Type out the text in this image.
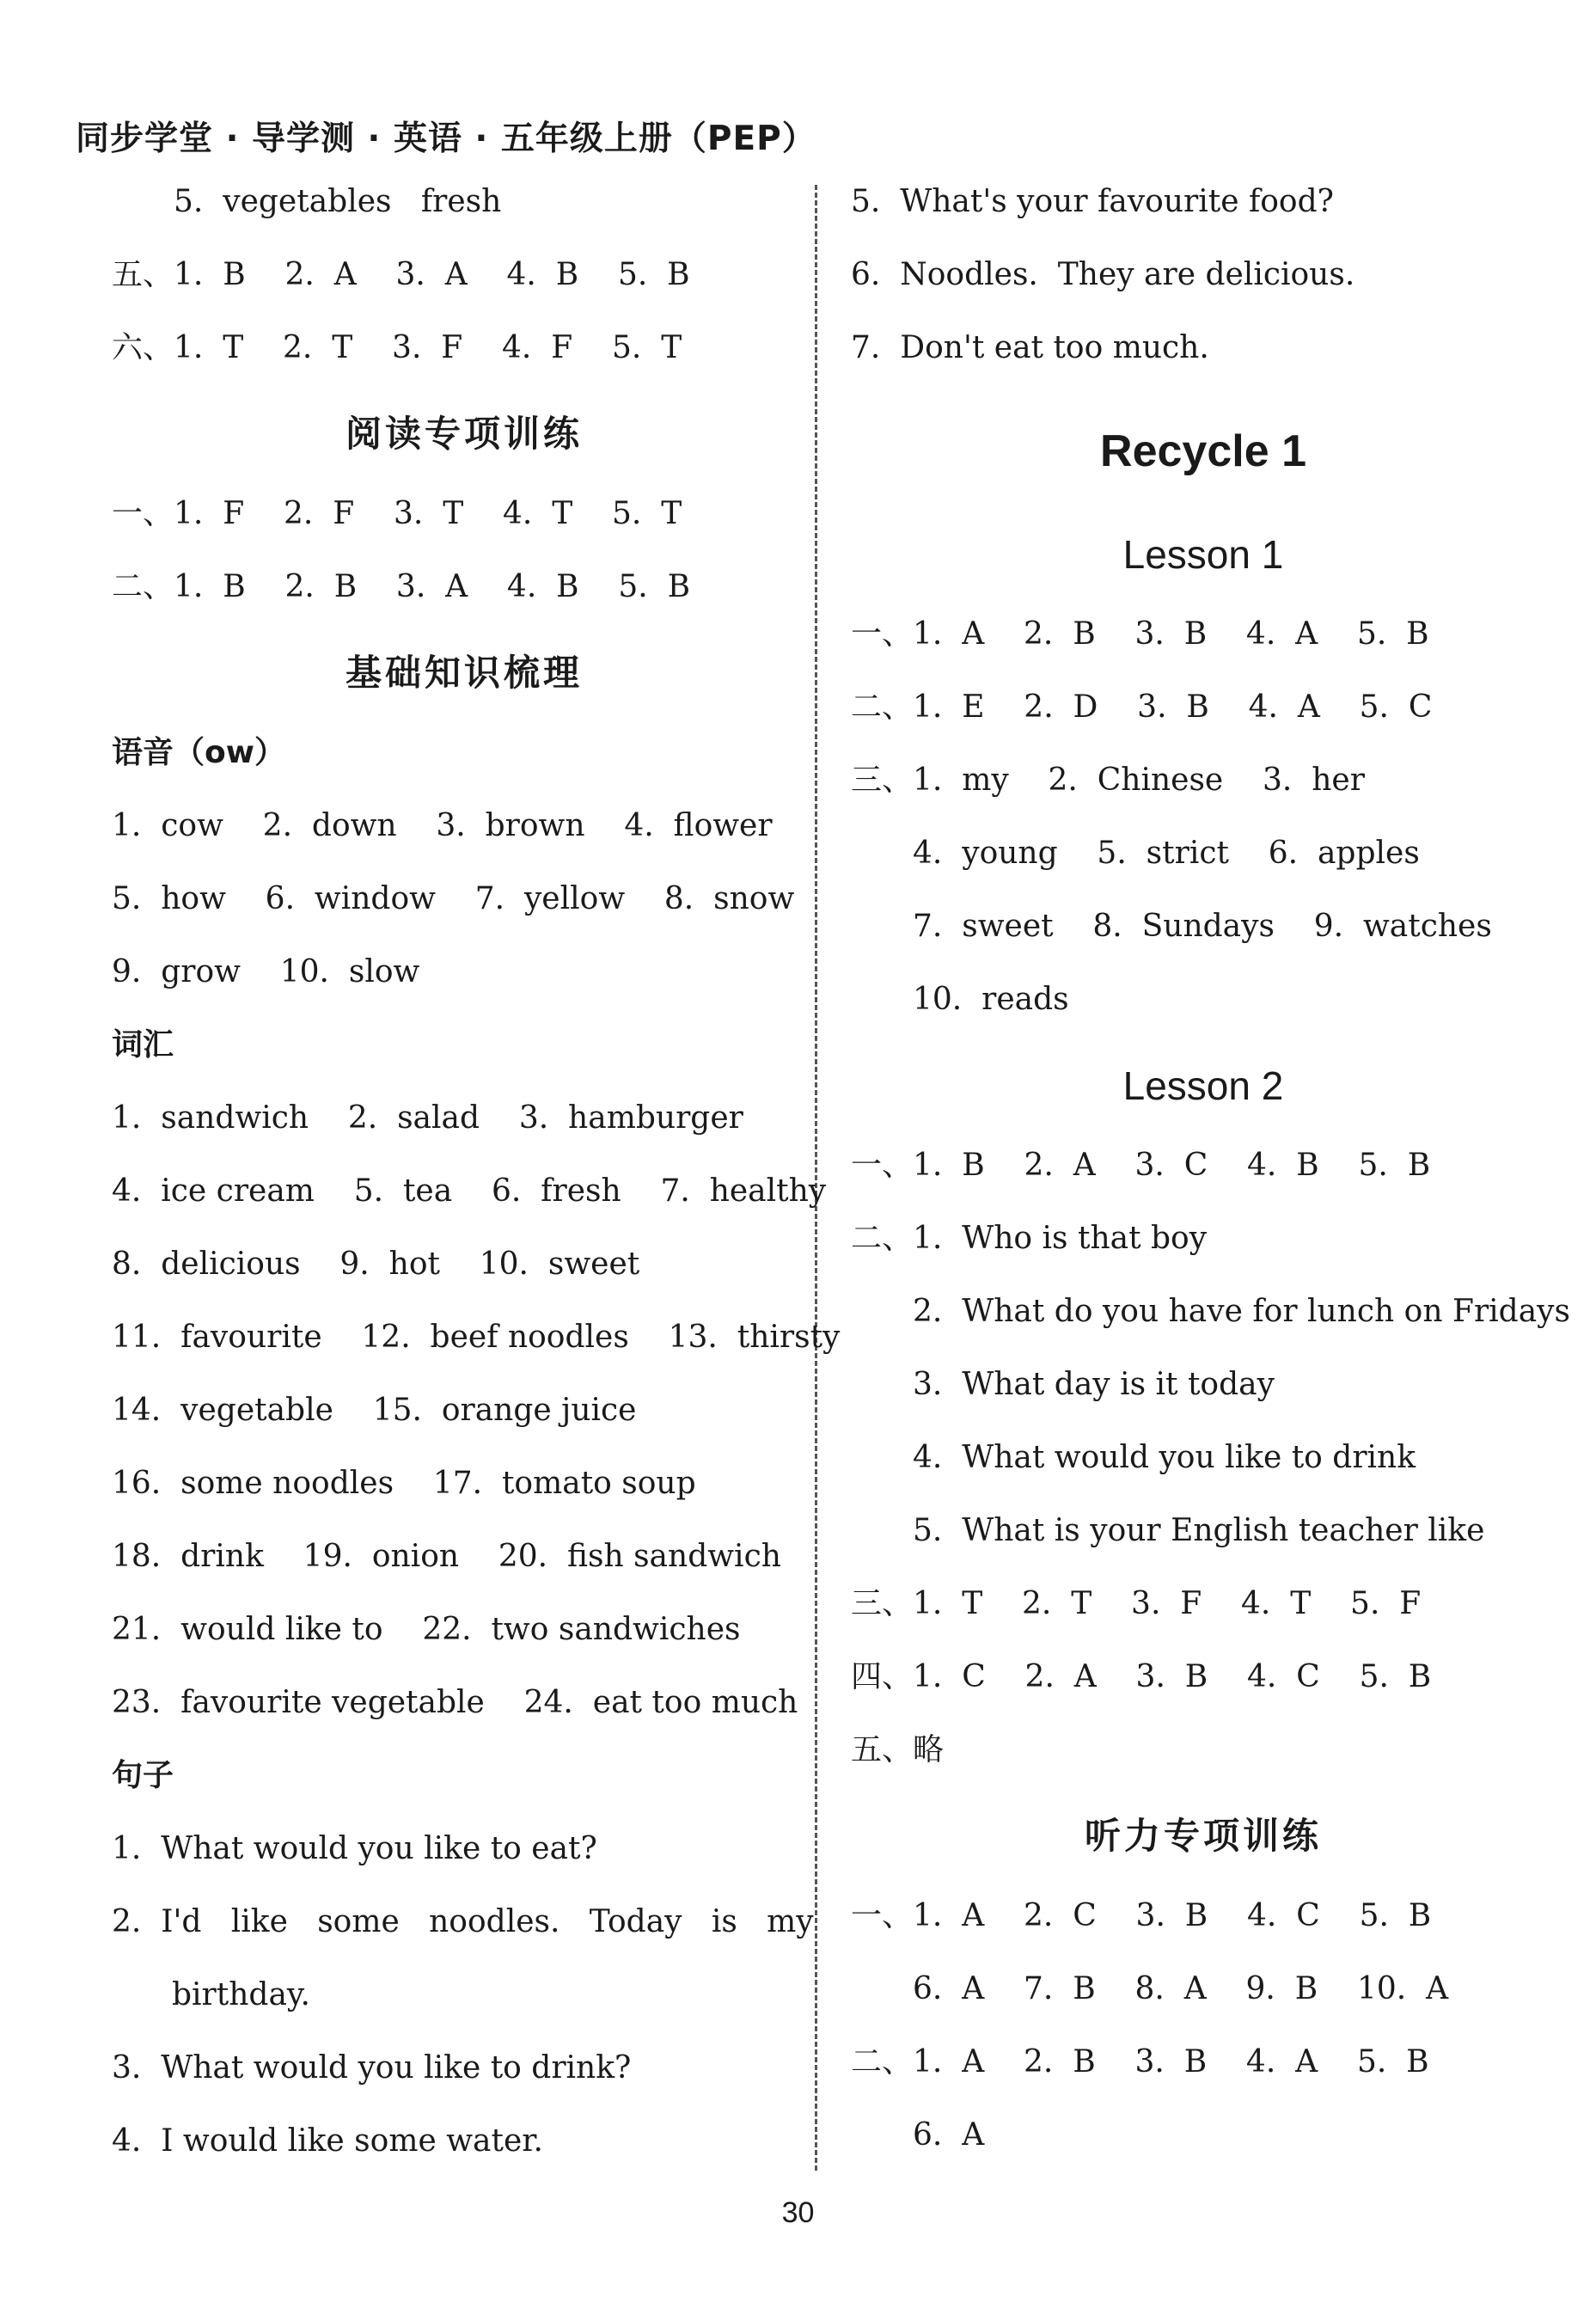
同步学堂 · 导学测 · 英语 · 五年级上册（PEP）
5.  vegetables   fresh
五、1.  B    2.  A    3.  A    4.  B    5.  B
六、1.  T    2.  T    3.  F    4.  F    5.  T
阅读专项训练
一、1.  F    2.  F    3.  T    4.  T    5.  T
二、1.  B    2.  B    3.  A    4.  B    5.  B
基础知识梳理
语音（ow）
1.  cow    2.  down    3.  brown    4.  flower
5.  how    6.  window    7.  yellow    8.  snow
9.  grow    10.  slow
词汇
1.  sandwich    2.  salad    3.  hamburger
4.  ice cream    5.  tea    6.  fresh    7.  healthy
8.  delicious    9.  hot    10.  sweet
11.  favourite    12.  beef noodles    13.  thirsty
14.  vegetable    15.  orange juice
16.  some noodles    17.  tomato soup
18.  drink    19.  onion    20.  fish sandwich
21.  would like to    22.  two sandwiches
23.  favourite vegetable    24.  eat too much
句子
1.  What would you like to eat?
2.  I'd   like   some   noodles.   Today   is   my
birthday.
3.  What would you like to drink?
4.  I would like some water.
5.  What's your favourite food?
6.  Noodles.  They are delicious.
7.  Don't eat too much.
Recycle 1
Lesson 1
一、1.  A    2.  B    3.  B    4.  A    5.  B
二、1.  E    2.  D    3.  B    4.  A    5.  C
三、1.  my    2.  Chinese    3.  her
4.  young    5.  strict    6.  apples
7.  sweet    8.  Sundays    9.  watches
10.  reads
Lesson 2
一、1.  B    2.  A    3.  C    4.  B    5.  B
二、1.  Who is that boy
2.  What do you have for lunch on Fridays
3.  What day is it today
4.  What would you like to drink
5.  What is your English teacher like
三、1.  T    2.  T    3.  F    4.  T    5.  F
四、1.  C    2.  A    3.  B    4.  C    5.  B
五、略
听力专项训练
一、1.  A    2.  C    3.  B    4.  C    5.  B
6.  A    7.  B    8.  A    9.  B    10.  A
二、1.  A    2.  B    3.  B    4.  A    5.  B
6.  A
30
